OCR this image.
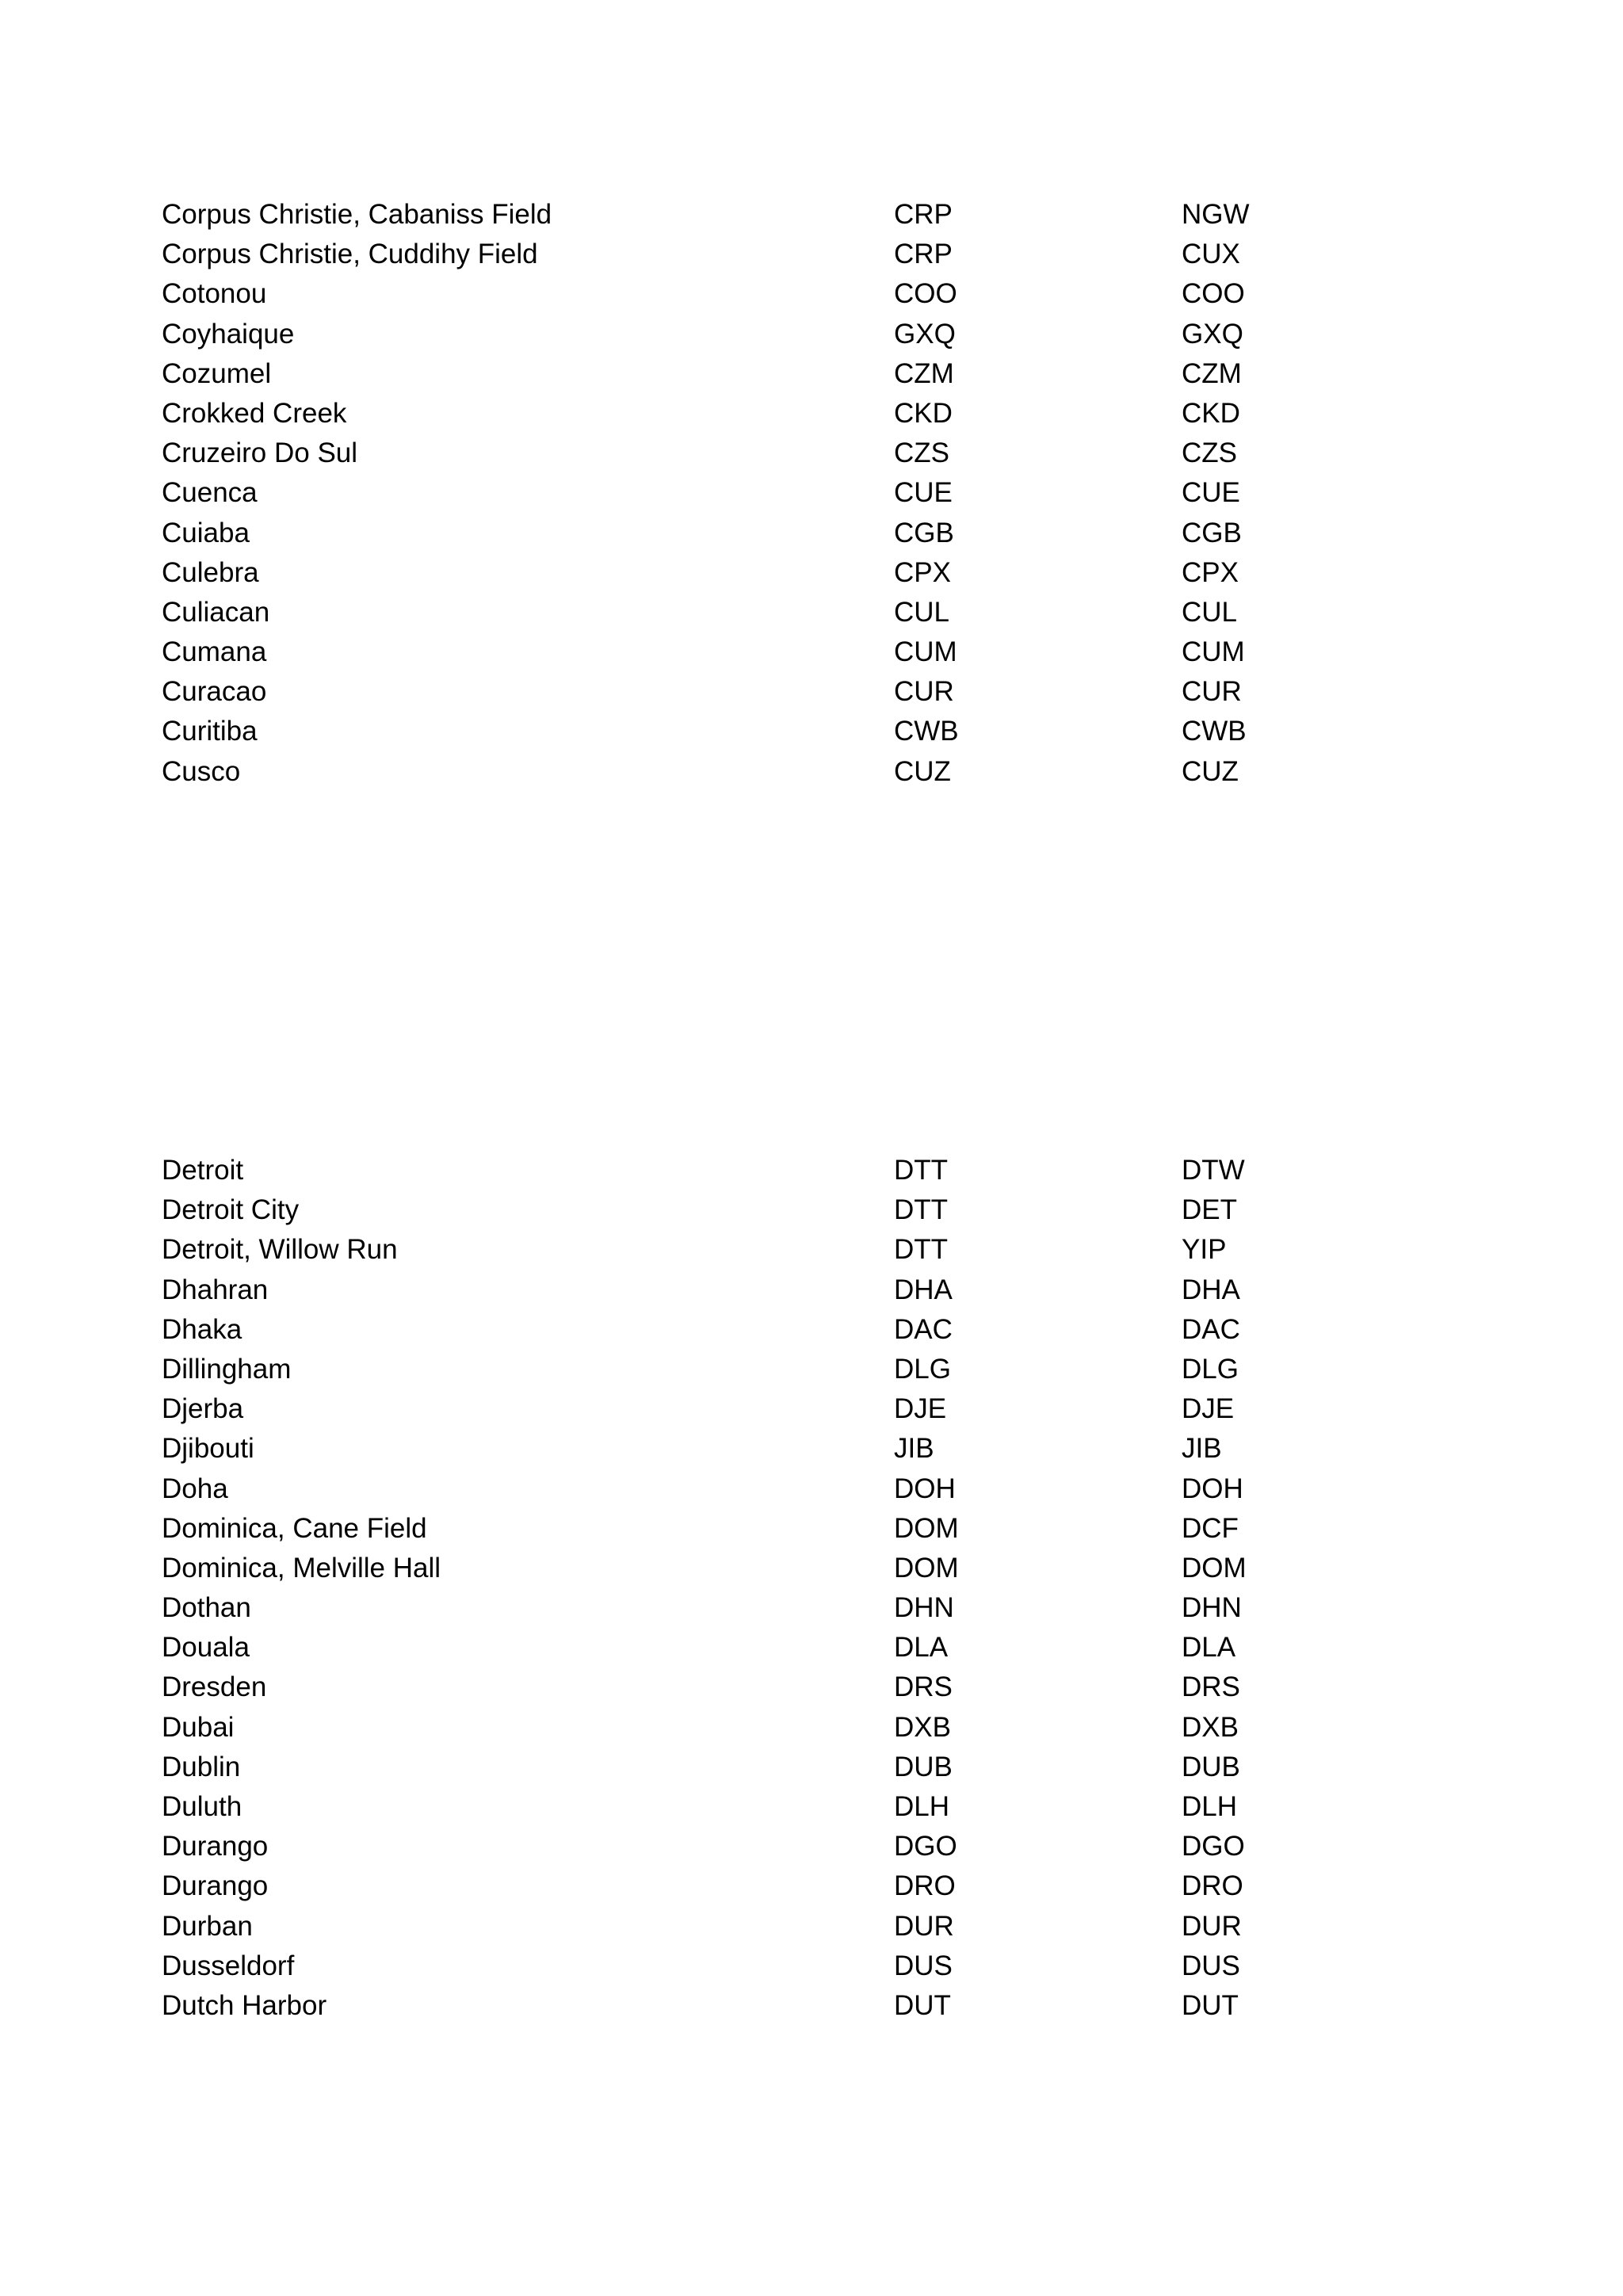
Corpus Christie, Cabaniss Field	CRP	NGW
Corpus Christie, Cuddihy Field	CRP	CUX
Cotonou	COO	COO
Coyhaique	GXQ	GXQ
Cozumel	CZM	CZM
Crokked Creek	CKD	CKD
Cruzeiro Do Sul	CZS	CZS
Cuenca	CUE	CUE
Cuiaba	CGB	CGB
Culebra	CPX	CPX
Culiacan	CUL	CUL
Cumana	CUM	CUM
Curacao	CUR	CUR
Curitiba	CWB	CWB
Cusco	CUZ	CUZ
Detroit	DTT	DTW
Detroit City	DTT	DET
Detroit, Willow Run	DTT	YIP
Dhahran	DHA	DHA
Dhaka	DAC	DAC
Dillingham	DLG	DLG
Djerba	DJE	DJE
Djibouti	JIB	JIB
Doha	DOH	DOH
Dominica, Cane Field	DOM	DCF
Dominica, Melville Hall	DOM	DOM
Dothan	DHN	DHN
Douala	DLA	DLA
Dresden	DRS	DRS
Dubai	DXB	DXB
Dublin	DUB	DUB
Duluth	DLH	DLH
Durango	DGO	DGO
Durango	DRO	DRO
Durban	DUR	DUR
Dusseldorf	DUS	DUS
Dutch Harbor	DUT	DUT
